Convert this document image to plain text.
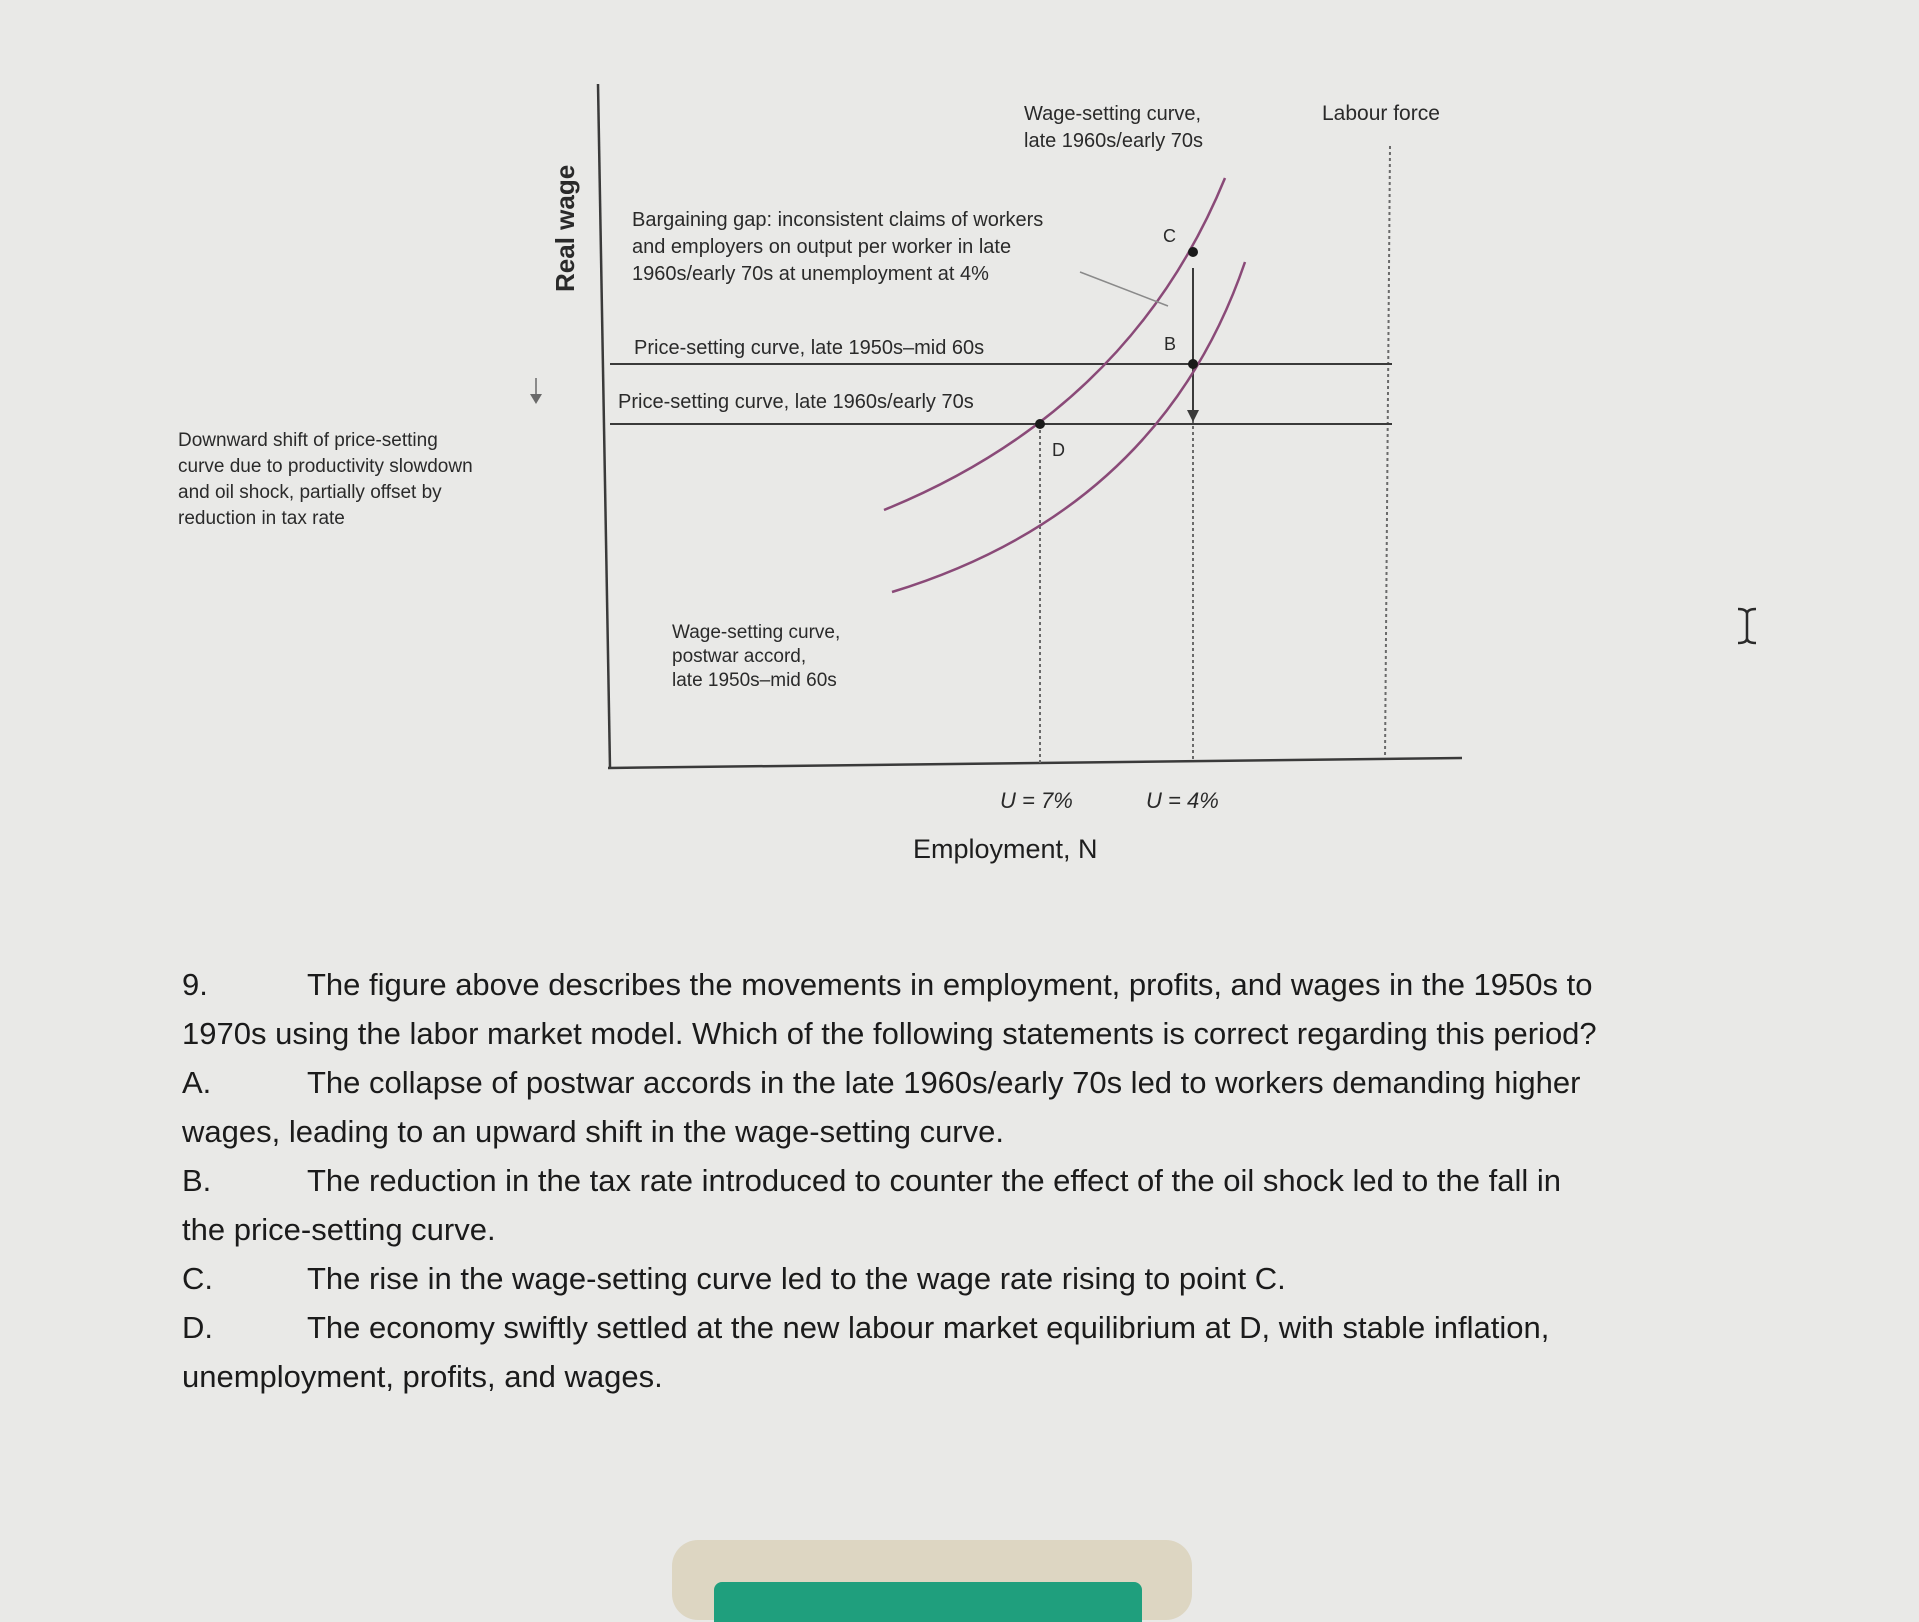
C
B
D
Real wage
Employment, N
U = 7%	U = 4%
Wage-setting curve, late 1960s/early 70s
Labour force
Bargaining gap: inconsistent claims of workers and employers on output per worker in late 1960s/early 70s at unemployment at 4%
Price-setting curve, late 1950s–mid 60s
Price-setting curve, late 1960s/early 70s
Downward shift of price-setting curve due to productivity slowdown and oil shock, partially offset by reduction in tax rate
Wage-setting curve, postwar accord, late 1950s–mid 60s
9.	The figure above describes the movements in employment, profits, and wages in the 1950s to
1970s using the labor market model. Which of the following statements is correct regarding this period?
A.	The collapse of postwar accords in the late 1960s/early 70s led to workers demanding higher
wages, leading to an upward shift in the wage-setting curve.
B.	The reduction in the tax rate introduced to counter the effect of the oil shock led to the fall in
the price-setting curve.
C.	The rise in the wage-setting curve led to the wage rate rising to point C.
D.	The economy swiftly settled at the new labour market equilibrium at D, with stable inflation,
unemployment, profits, and wages.
